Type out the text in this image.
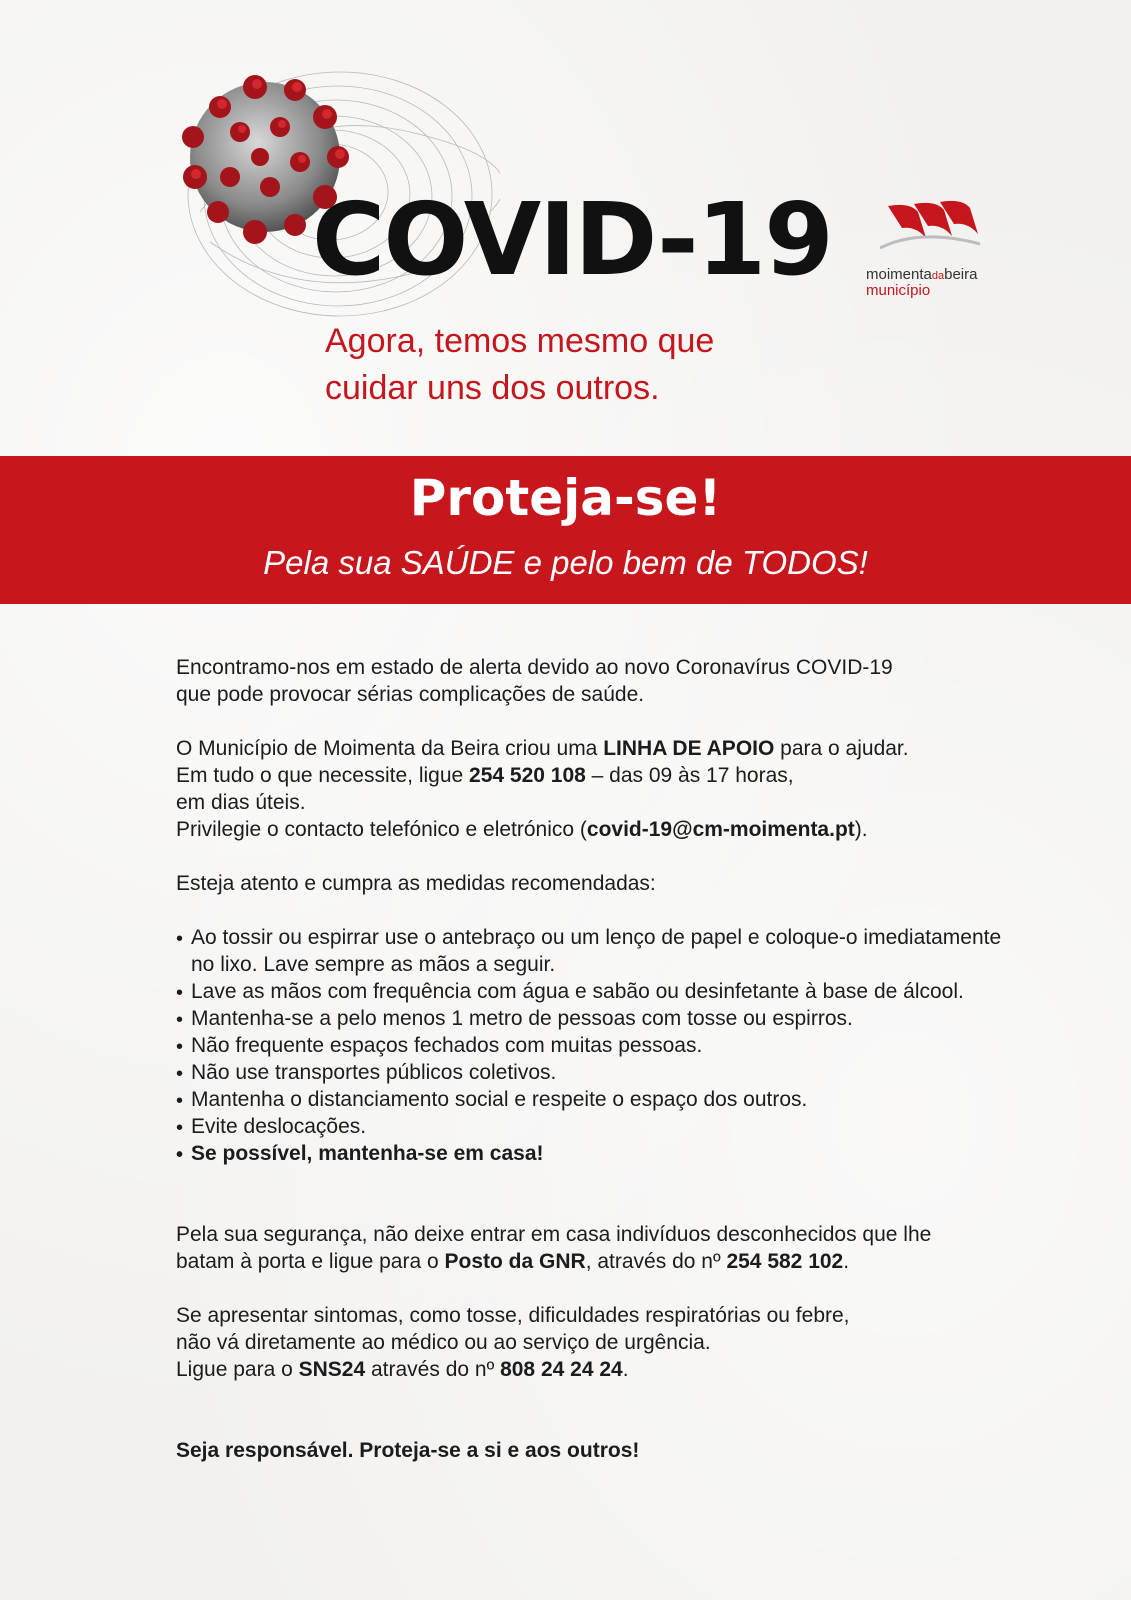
COVID-19
Agora, temos mesmo que
cuidar uns dos outros.
moimentadabeira
município
Proteja-se!
Pela sua SAÚDE e pelo bem de TODOS!

Encontramo-nos em estado de alerta devido ao novo Coronavírus COVID-19

que pode provocar sérias complicações de saúde.

O Município de Moimenta da Beira criou uma LINHA DE APOIO para o ajudar.

Em tudo o que necessite, ligue 254 520 108 – das 09 às 17 horas,

em dias úteis.

Privilegie o contacto telefónico e eletrónico (covid-19@cm-moimenta.pt).

Esteja atento e cumpra as medidas recomendadas:

• Ao tossir ou espirrar use o antebraço ou um lenço de papel e coloque-o imediatamente no lixo. Lave sempre as mãos a seguir.
• Lave as mãos com frequência com água e sabão ou desinfetante à base de álcool.
• Mantenha-se a pelo menos 1 metro de pessoas com tosse ou espirros.
• Não frequente espaços fechados com muitas pessoas.
• Não use transportes públicos coletivos.
• Mantenha o distanciamento social e respeite o espaço dos outros.
• Evite deslocações.
• Se possível, mantenha-se em casa!

Pela sua segurança, não deixe entrar em casa indivíduos desconhecidos que lhe

batam à porta e ligue para o Posto da GNR, através do nº 254 582 102.

Se apresentar sintomas, como tosse, dificuldades respiratórias ou febre,

não vá diretamente ao médico ou ao serviço de urgência.

Ligue para o SNS24 através do nº 808 24 24 24.

Seja responsável. Proteja-se a si e aos outros!
